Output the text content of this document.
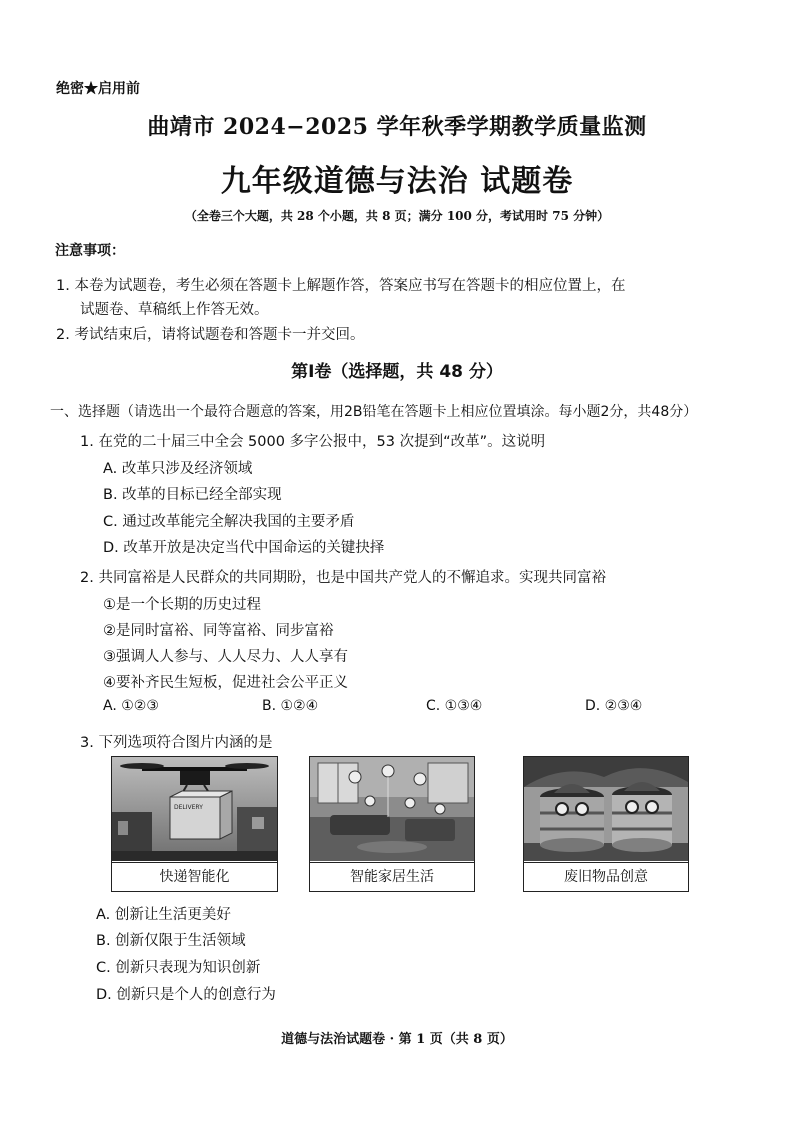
绝密★启用前
曲靖市 2024−2025 学年秋季学期教学质量监测
九年级道德与法治 试题卷
（全卷三个大题，共 28 个小题，共 8 页；满分 100 分，考试用时 75 分钟）
注意事项：
1. 本卷为试题卷，考生必须在答题卡上解题作答，答案应书写在答题卡的相应位置上，在
试题卷、草稿纸上作答无效。
2. 考试结束后，请将试题卷和答题卡一并交回。
第Ⅰ卷（选择题，共 48 分）
一、选择题（请选出一个最符合题意的答案，用2B铅笔在答题卡上相应位置填涂。每小题2分，共48分）
1. 在党的二十届三中全会 5000 多字公报中，53 次提到“改革”。这说明
A. 改革只涉及经济领域
B. 改革的目标已经全部实现
C. 通过改革能完全解决我国的主要矛盾
D. 改革开放是决定当代中国命运的关键抉择
2. 共同富裕是人民群众的共同期盼，也是中国共产党人的不懈追求。实现共同富裕
①是一个长期的历史过程
②是同时富裕、同等富裕、同步富裕
③强调人人参与、人人尽力、人人享有
④要补齐民生短板，促进社会公平正义
A. ①②③	B. ①②④	C. ①③④	D. ②③④
3. 下列选项符合图片内涵的是
DELIVERY
快递智能化	智能家居生活	废旧物品创意
A. 创新让生活更美好
B. 创新仅限于生活领域
C. 创新只表现为知识创新
D. 创新只是个人的创意行为
道德与法治试题卷 · 第 1 页（共 8 页）
